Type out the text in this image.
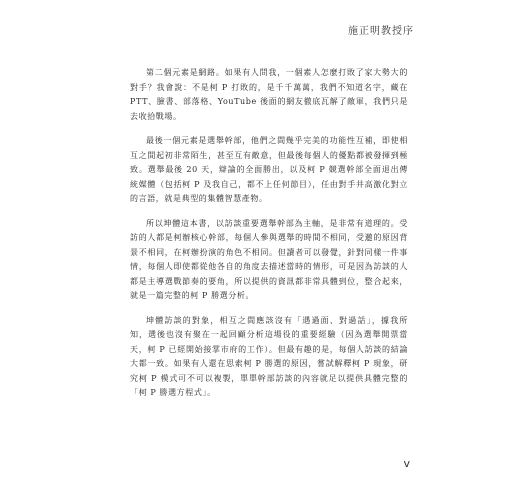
施正明教授序

第二個元素是網路。如果有人問我，一個素人怎麼打敗了家大勢大的對手？我會說：不是柯 P 打敗的，是千千萬萬，我們不知道名字，藏在 PTT、臉書、部落格、YouTube 後面的網友徹底瓦解了敵軍，我們只是去收拾戰場。

最後一個元素是選舉幹部，他們之間幾乎完美的功能性互補，即使相互之間起初非常陌生，甚至互有敵意，但最後每個人的優點都被發揮到極致。選舉最後 20 天，辯論的全面勝出，以及柯 P 競選幹部全面退出傳統媒體（包括柯 P 及我自己，都不上任何節目），任由對手井高激化對立的言語，就是典型的集體智慧產物。

所以坤體這本書，以訪談重要選舉幹部為主軸，是非常有道理的。受訪的人都是柯辦核心幹部，每個人參與選舉的時間不相同，受邀的原因背景不相同，在柯辦扮演的角色不相同。但讀者可以發覺，針對同樣一件事情，每個人即使都從他各自的角度去描述當時的情形，可是因為訪談的人都是主導選戰節奏的要角，所以提供的資訊都非常具體到位，整合起來，就是一篇完整的柯 P 勝選分析。

坤體訪談的對象，相互之間應該沒有「遇過面、對過話」，據我所知，選後也沒有聚在一起回顧分析這場役的重要經驗（因為選舉開票當天，柯 P 已經開始接掌市府的工作）。但最有趣的是，每個人訪談的結論大都一致。如果有人還在思索柯 P 勝選的原因，嘗試解釋柯 P 現象，研究柯 P 模式可不可以複製，單單幹部訪談的內容就足以提供具體完整的「柯 P 勝選方程式」。

v
